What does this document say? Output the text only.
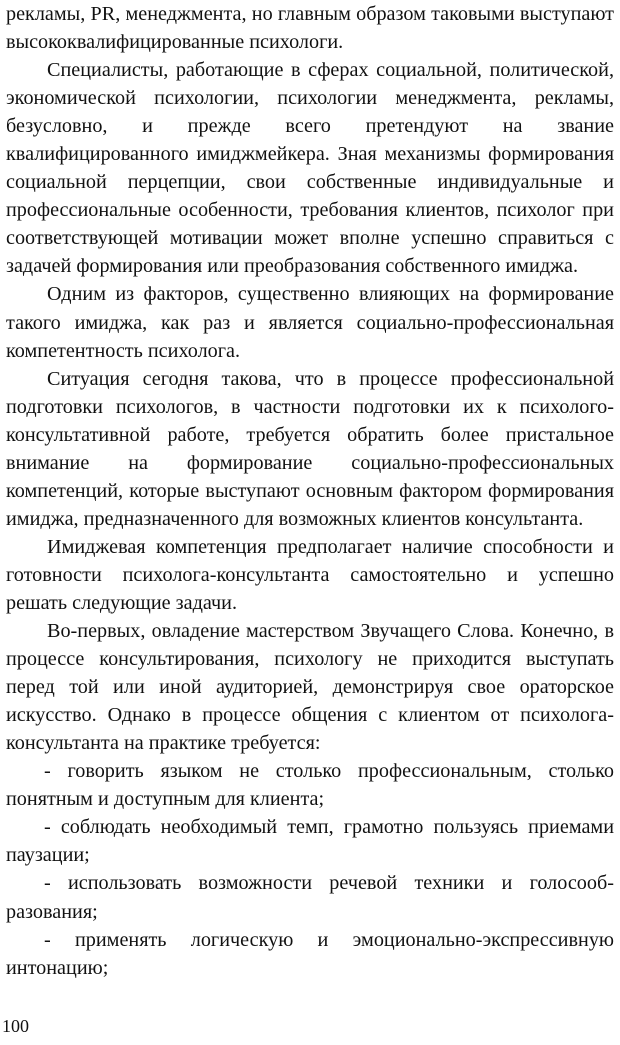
рекламы, PR, менеджмента, но главным образом таковыми выступают высококвалифицированные психологи.

Специалисты, работающие в сферах социальной, политической, экономической психологии, психологии менеджмента, рекламы, безусловно, и прежде всего претендуют на звание квалифицированного имиджмейкера. Зная механизмы формирования социальной перцепции, свои собственные индивидуальные и профессиональные особенности, требования клиентов, психолог при соответствующей мотивации может вполне успешно справиться с задачей формирования или преобразования собственного имиджа.

Одним из факторов, существенно влияющих на формирование такого имиджа, как раз и является социально-профессиональная компетентность психолога.

Ситуация сегодня такова, что в процессе профессиональной подготовки психологов, в частности подготовки их к психолого-консультативной работе, требуется обратить более пристальное внимание на формирование социально-профессиональных компетенций, которые выступают основным фактором формирования имиджа, предназначенного для возможных клиентов консультанта.

Имиджевая компетенция предполагает наличие способности и готовности психолога-консультанта самостоятельно и успешно решать следующие задачи.

Во-первых, овладение мастерством Звучащего Слова. Конечно, в процессе консультирования, психологу не приходится выступать перед той или иной аудиторией, демонстрируя свое ораторское искусство. Однако в процессе общения с клиентом от психолога-консультанта на практике требуется:

- говорить языком не столько профессиональным, столько понятным и доступным для клиента;

- соблюдать необходимый темп, грамотно пользуясь приемами паузации;

- использовать возможности речевой техники и голосообразования;

- применять логическую и эмоционально-экспрессивную интонацию;

100
